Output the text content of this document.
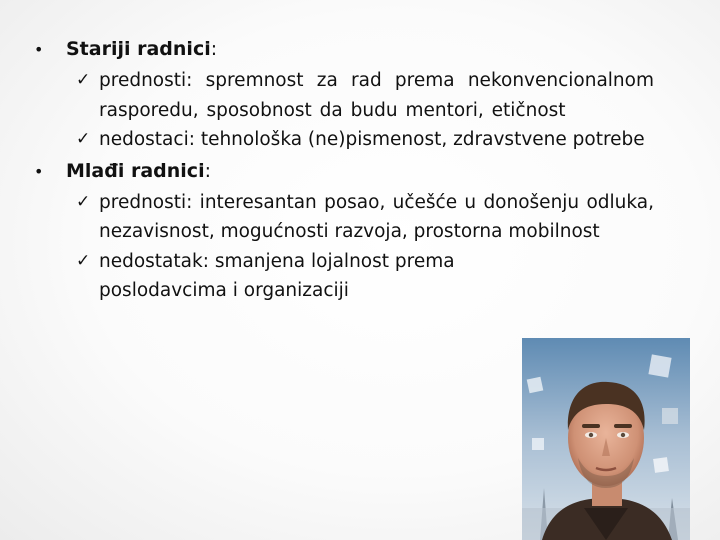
• Stariji radnici:
✓ prednosti: spremnost za rad prema nekonvencionalnom rasporedu, sposobnost da budu mentori, etičnost
✓ nedostaci: tehnološka (ne)pismenost, zdravstvene potrebe
• Mlađi radnici:
✓ prednosti: interesantan posao, učešće u donošenju odluka, nezavisnost, mogućnosti razvoja, prostorna mobilnost
✓ nedostatak: smanjena lojalnost prema poslodavcima i organizaciji
